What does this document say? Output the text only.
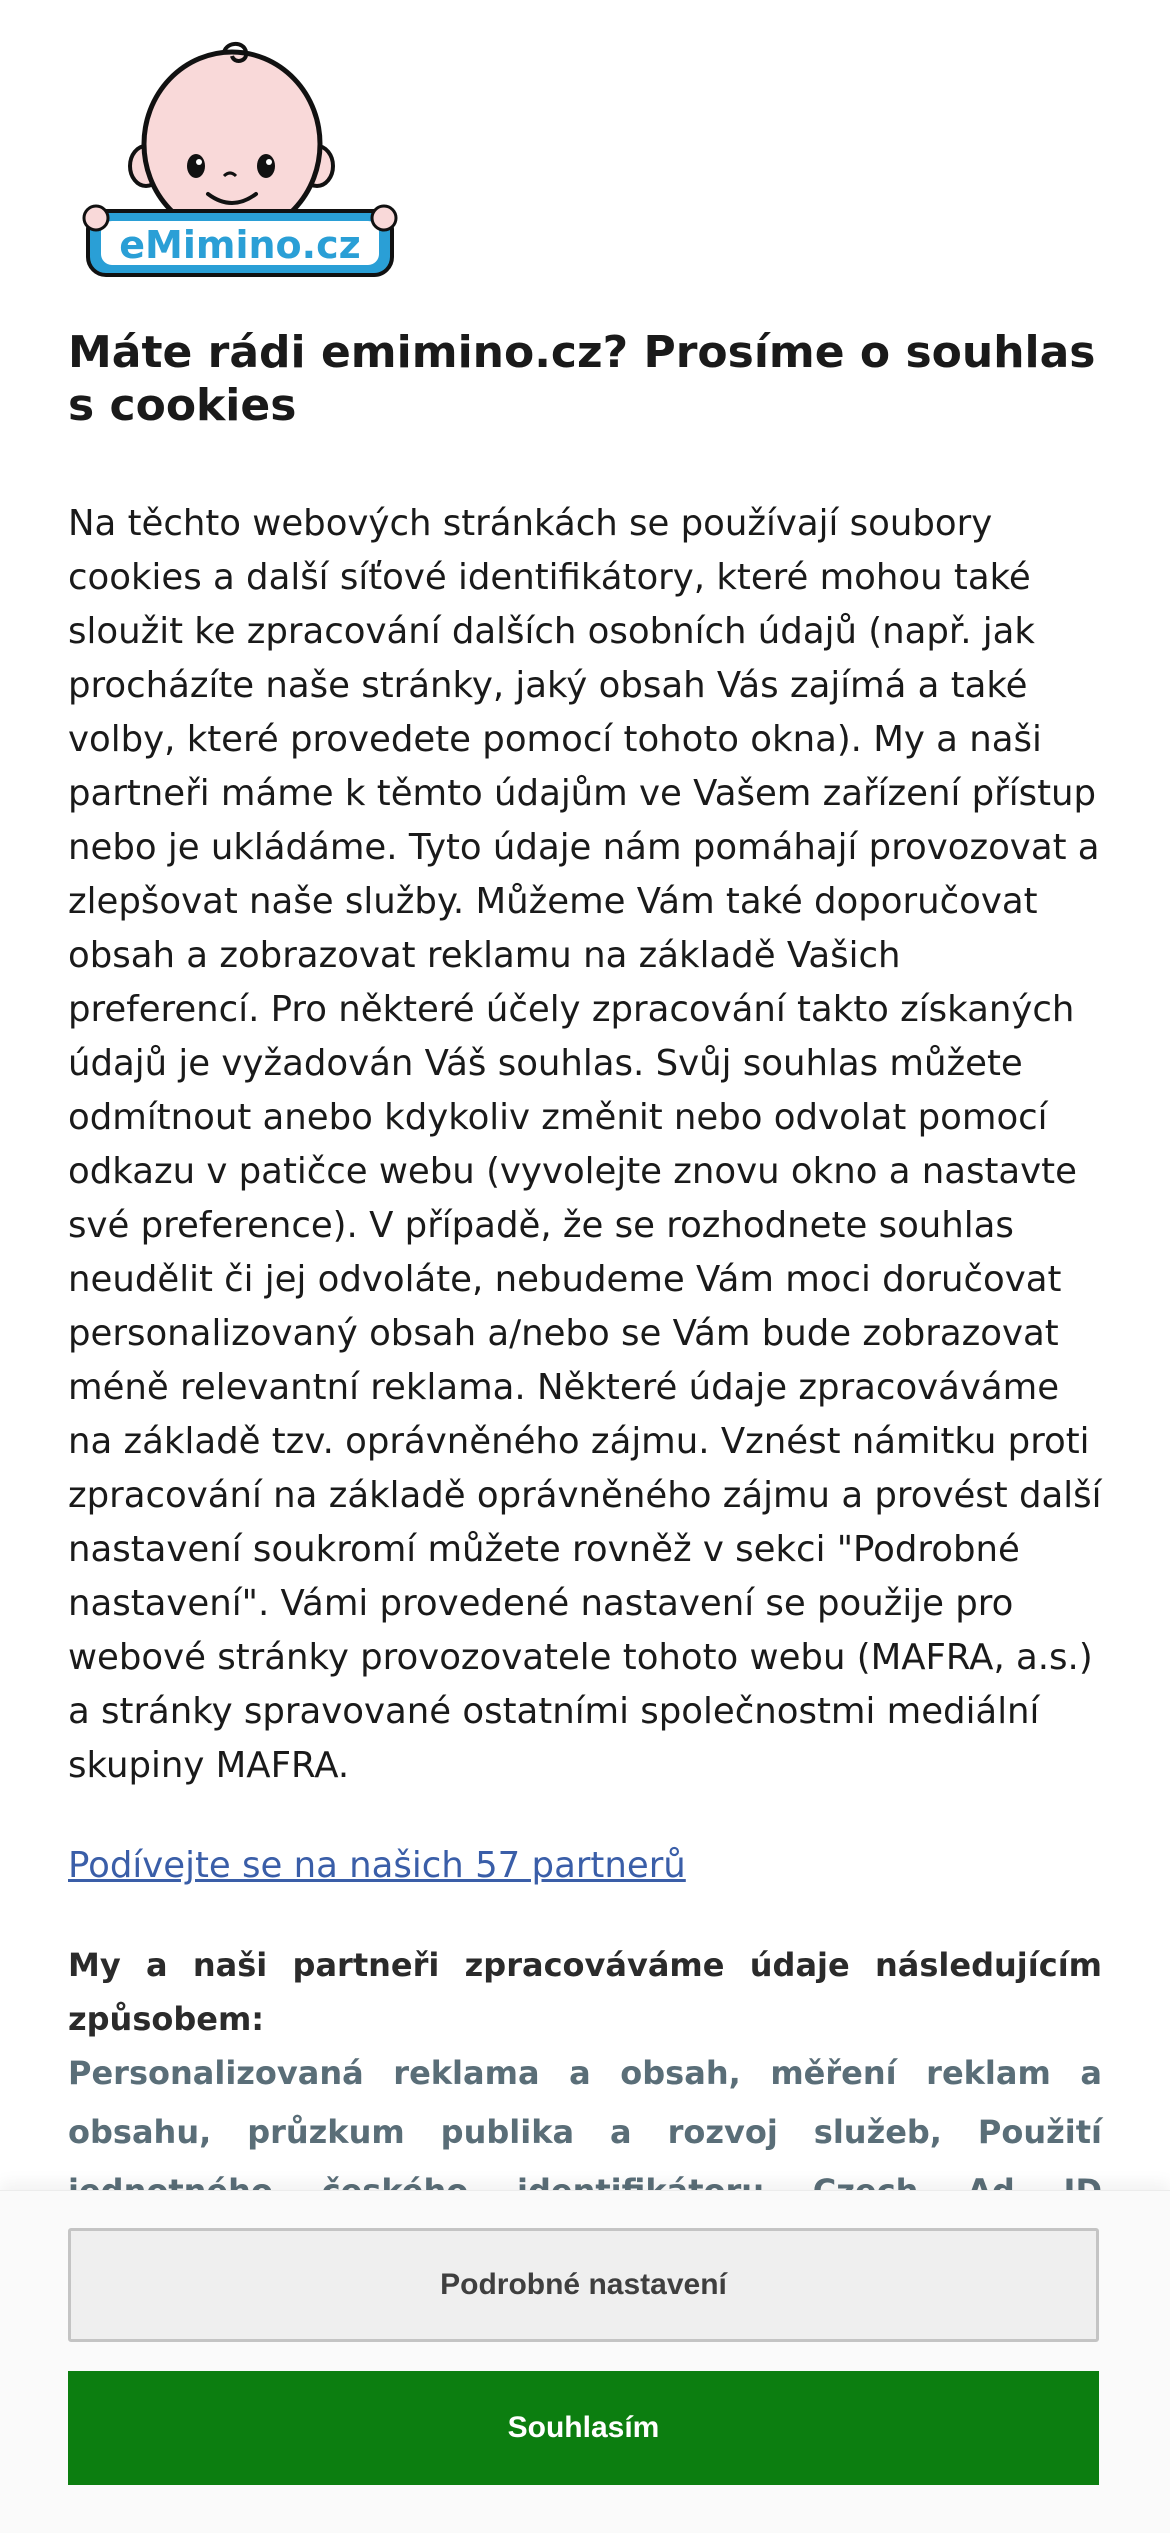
eMimino.cz
Máte rádi emimino.cz? Prosíme o souhlas s cookies

Na těchto webových stránkách se používají soubory cookies a další síťové identifikátory, které mohou také sloužit ke zpracování dalších osobních údajů (např. jak procházíte naše stránky, jaký obsah Vás zajímá a také volby, které provedete pomocí tohoto okna). My a naši partneři máme k těmto údajům ve Vašem zařízení přístup nebo je ukládáme. Tyto údaje nám pomáhají provozovat a zlepšovat naše služby. Můžeme Vám také doporučovat obsah a zobrazovat reklamu na základě Vašich preferencí. Pro některé účely zpracování takto získaných údajů je vyžadován Váš souhlas. Svůj souhlas můžete odmítnout anebo kdykoliv změnit nebo odvolat pomocí odkazu v patičce webu (vyvolejte znovu okno a nastavte své preference). V případě, že se rozhodnete souhlas neudělit či jej odvoláte, nebudeme Vám moci doručovat personalizovaný obsah a/nebo se Vám bude zobrazovat méně relevantní reklama. Některé údaje zpracováváme na základě tzv. oprávněného zájmu. Vznést námitku proti zpracování na základě oprávněného zájmu a provést další nastavení soukromí můžete rovněž v sekci "Podrobné nastavení". Vámi provedené nastavení se použije pro webové stránky provozovatele tohoto webu (MAFRA, a.s.) a stránky spravované ostatními společnostmi mediální skupiny MAFRA.

Podívejte se na našich 57 partnerů

My a naši partneři zpracováváme údaje následujícím způsobem:

Personalizovaná reklama a obsah, měření reklam a obsahu, průzkum publika a rozvoj služeb, Použití

Podrobné nastavení
Souhlasím
